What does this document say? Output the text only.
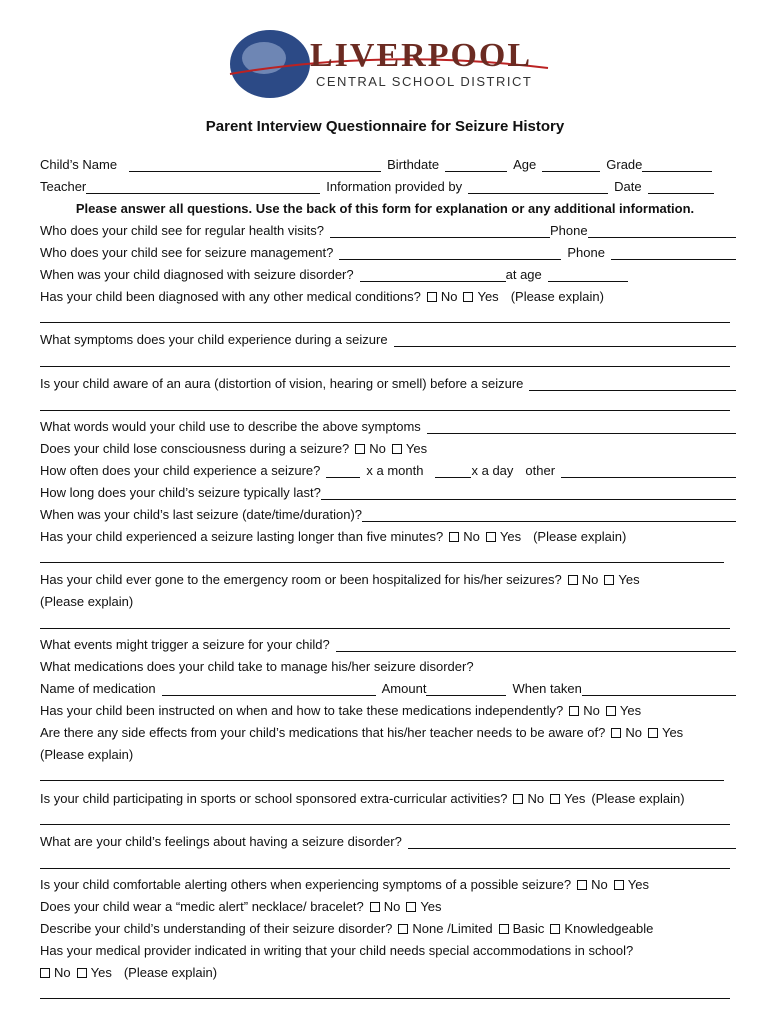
LIVERPOOL
CENTRAL SCHOOL DISTRICT
Parent Interview Questionnaire for Seizure History
Child’s Name	Birthdate	Age	Grade
Teacher	Information provided by	Date
Please answer all questions. Use the back of this form for explanation or any additional information.
Who does your child see for regular health visits?	Phone
Who does your child see for seizure management?	Phone
When was your child diagnosed with seizure disorder?	at age
Has your child been diagnosed with any other medical conditions? No Yes (Please explain)
What symptoms does your child experience during a seizure
Is your child aware of an aura (distortion of vision, hearing or smell) before a seizure
What words would your child use to describe the above symptoms
Does your child lose consciousness during a seizure? No Yes
How often does your child experience a seizure?	x a month	x a day other
How long does your child’s seizure typically last?
When was your child’s last seizure (date/time/duration)?
Has your child experienced a seizure lasting longer than five minutes? No Yes (Please explain)
Has your child ever gone to the emergency room or been hospitalized for his/her seizures? No Yes
(Please explain)
What events might trigger a seizure for your child?
What medications does your child take to manage his/her seizure disorder?
Name of medication	Amount	When taken
Has your child been instructed on when and how to take these medications independently? No Yes
Are there any side effects from your child’s medications that his/her teacher needs to be aware of? No Yes
(Please explain)
Is your child participating in sports or school sponsored extra-curricular activities? No Yes (Please explain)
What are your child’s feelings about having a seizure disorder?
Is your child comfortable alerting others when experiencing symptoms of a possible seizure? No Yes
Does your child wear a “medic alert” necklace/ bracelet? No Yes
Describe your child’s understanding of their seizure disorder? None /Limited Basic Knowledgeable
Has your medical provider indicated in writing that your child needs special accommodations in school?
No Yes (Please explain)
